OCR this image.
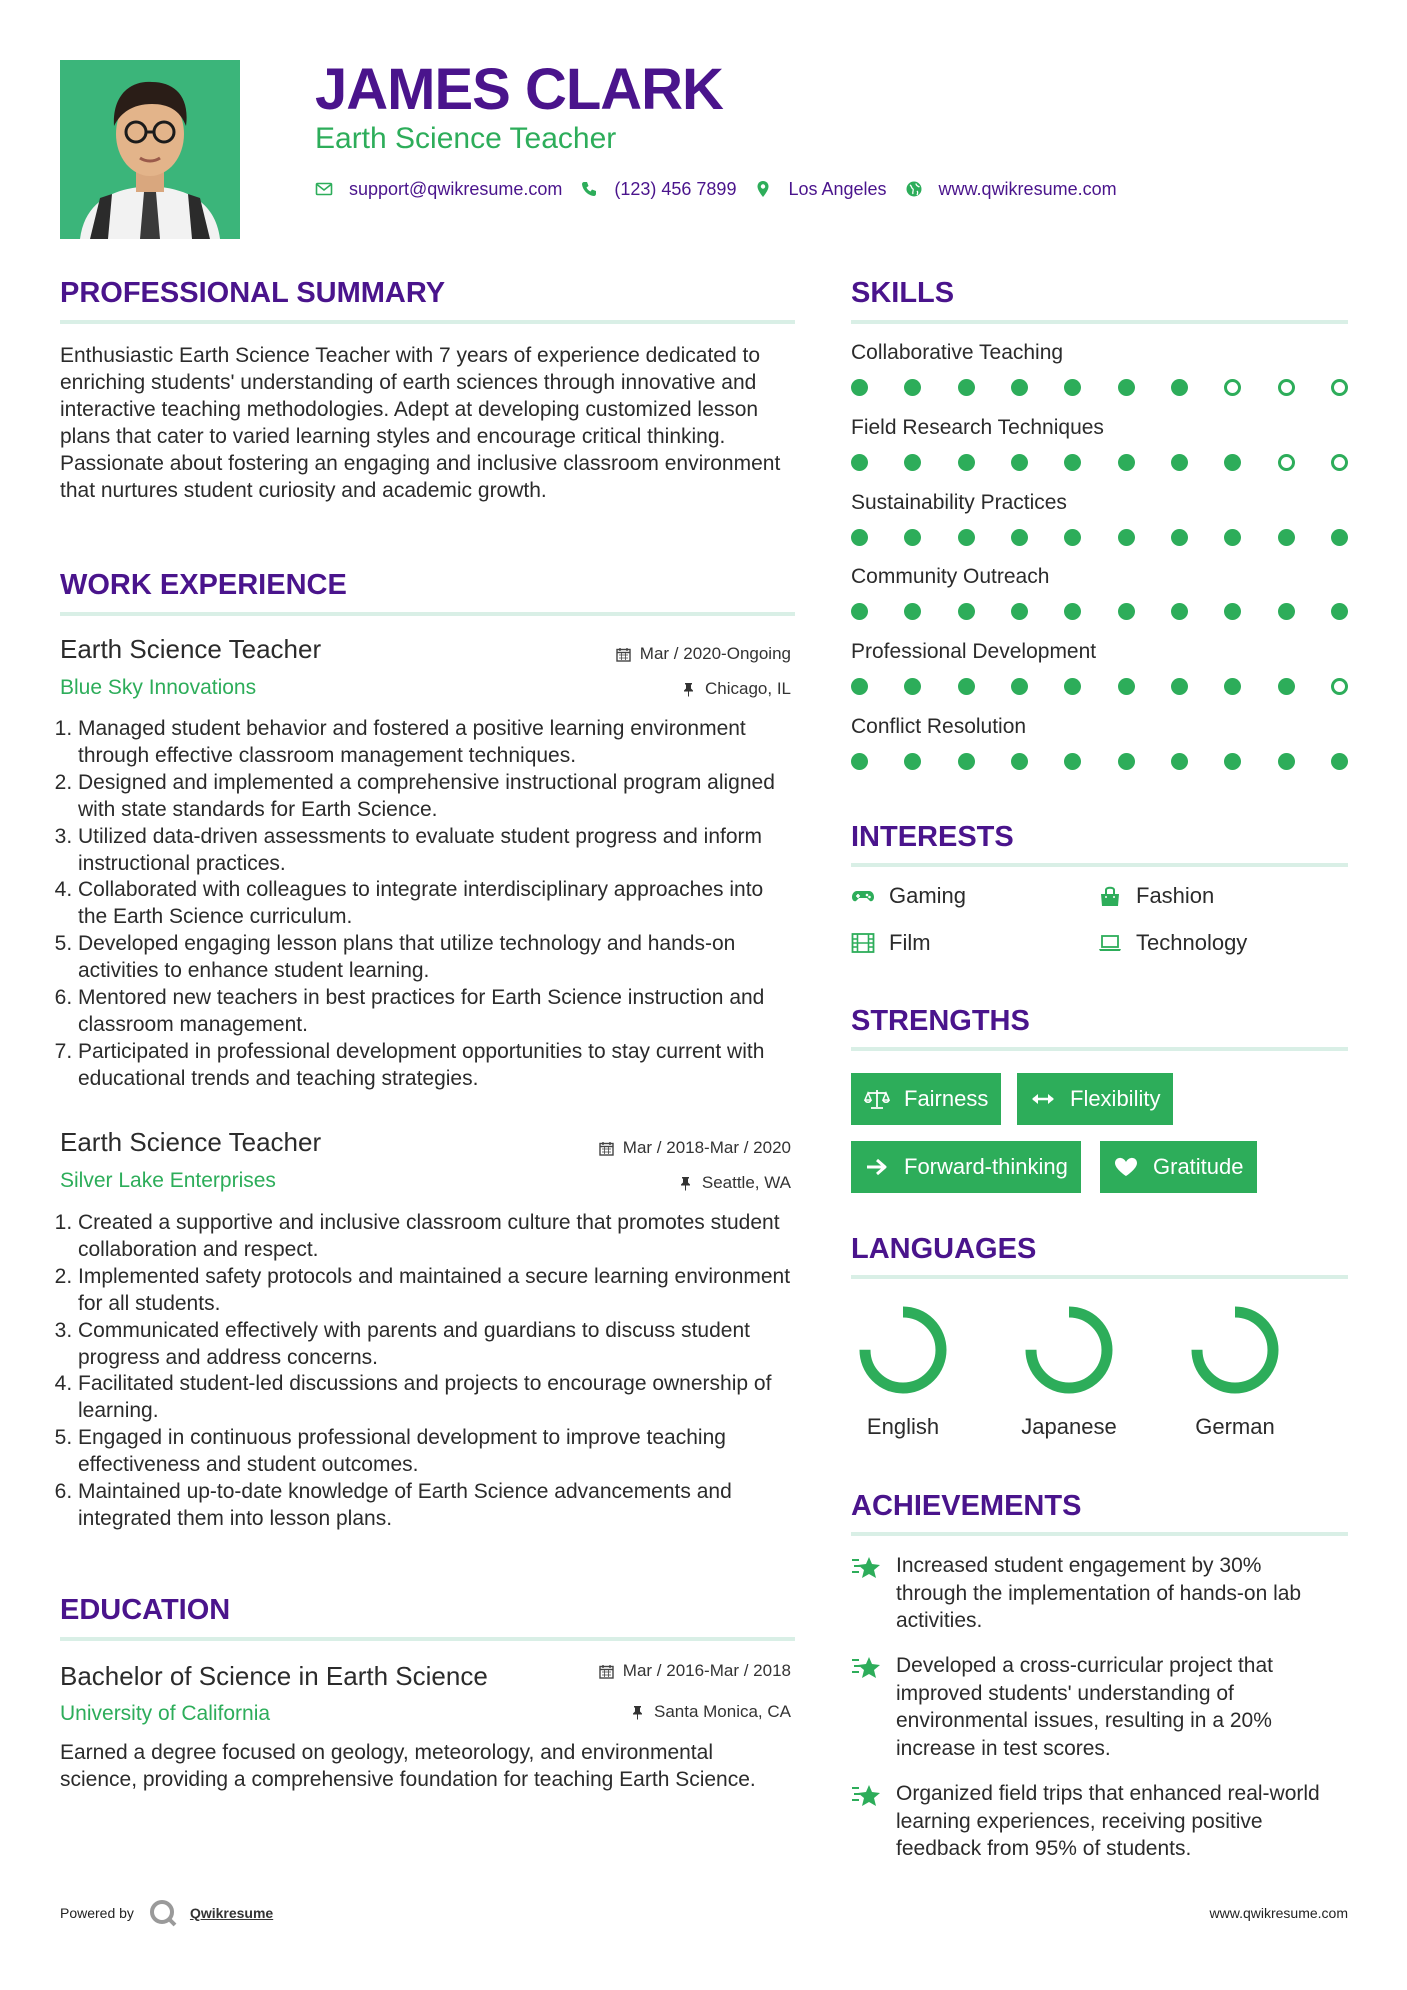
JAMES CLARK
Earth Science Teacher
support@qwikresume.com	(123) 456 7899	Los Angeles	www.qwikresume.com
PROFESSIONAL SUMMARY
Enthusiastic Earth Science Teacher with 7 years of experience dedicated to enriching students' understanding of earth sciences through innovative and interactive teaching methodologies. Adept at developing customized lesson plans that cater to varied learning styles and encourage critical thinking. Passionate about fostering an engaging and inclusive classroom environment that nurtures student curiosity and academic growth.
WORK EXPERIENCE
Earth Science Teacher	Mar / 2020-Ongoing
Blue Sky Innovations	Chicago, IL
1. Managed student behavior and fostered a positive learning environment through effective classroom management techniques.
2. Designed and implemented a comprehensive instructional program aligned with state standards for Earth Science.
3. Utilized data-driven assessments to evaluate student progress and inform instructional practices.
4. Collaborated with colleagues to integrate interdisciplinary approaches into the Earth Science curriculum.
5. Developed engaging lesson plans that utilize technology and hands-on activities to enhance student learning.
6. Mentored new teachers in best practices for Earth Science instruction and classroom management.
7. Participated in professional development opportunities to stay current with educational trends and teaching strategies.
Earth Science Teacher	Mar / 2018-Mar / 2020
Silver Lake Enterprises	Seattle, WA
1. Created a supportive and inclusive classroom culture that promotes student collaboration and respect.
2. Implemented safety protocols and maintained a secure learning environment for all students.
3. Communicated effectively with parents and guardians to discuss student progress and address concerns.
4. Facilitated student-led discussions and projects to encourage ownership of learning.
5. Engaged in continuous professional development to improve teaching effectiveness and student outcomes.
6. Maintained up-to-date knowledge of Earth Science advancements and integrated them into lesson plans.
EDUCATION
Bachelor of Science in Earth Science	Mar / 2016-Mar / 2018
University of California	Santa Monica, CA
Earned a degree focused on geology, meteorology, and environmental science, providing a comprehensive foundation for teaching Earth Science.
SKILLS
Collaborative Teaching
Field Research Techniques
Sustainability Practices
Community Outreach
Professional Development
Conflict Resolution
INTERESTS
Gaming	Fashion
Film	Technology
STRENGTHS
Fairness	Flexibility
Forward-thinking	Gratitude
LANGUAGES
English	Japanese	German
ACHIEVEMENTS
Increased student engagement by 30% through the implementation of hands-on lab activities.
Developed a cross-curricular project that improved students' understanding of environmental issues, resulting in a 20% increase in test scores.
Organized field trips that enhanced real-world learning experiences, receiving positive feedback from 95% of students.
Powered by	Qwikresume	www.qwikresume.com
